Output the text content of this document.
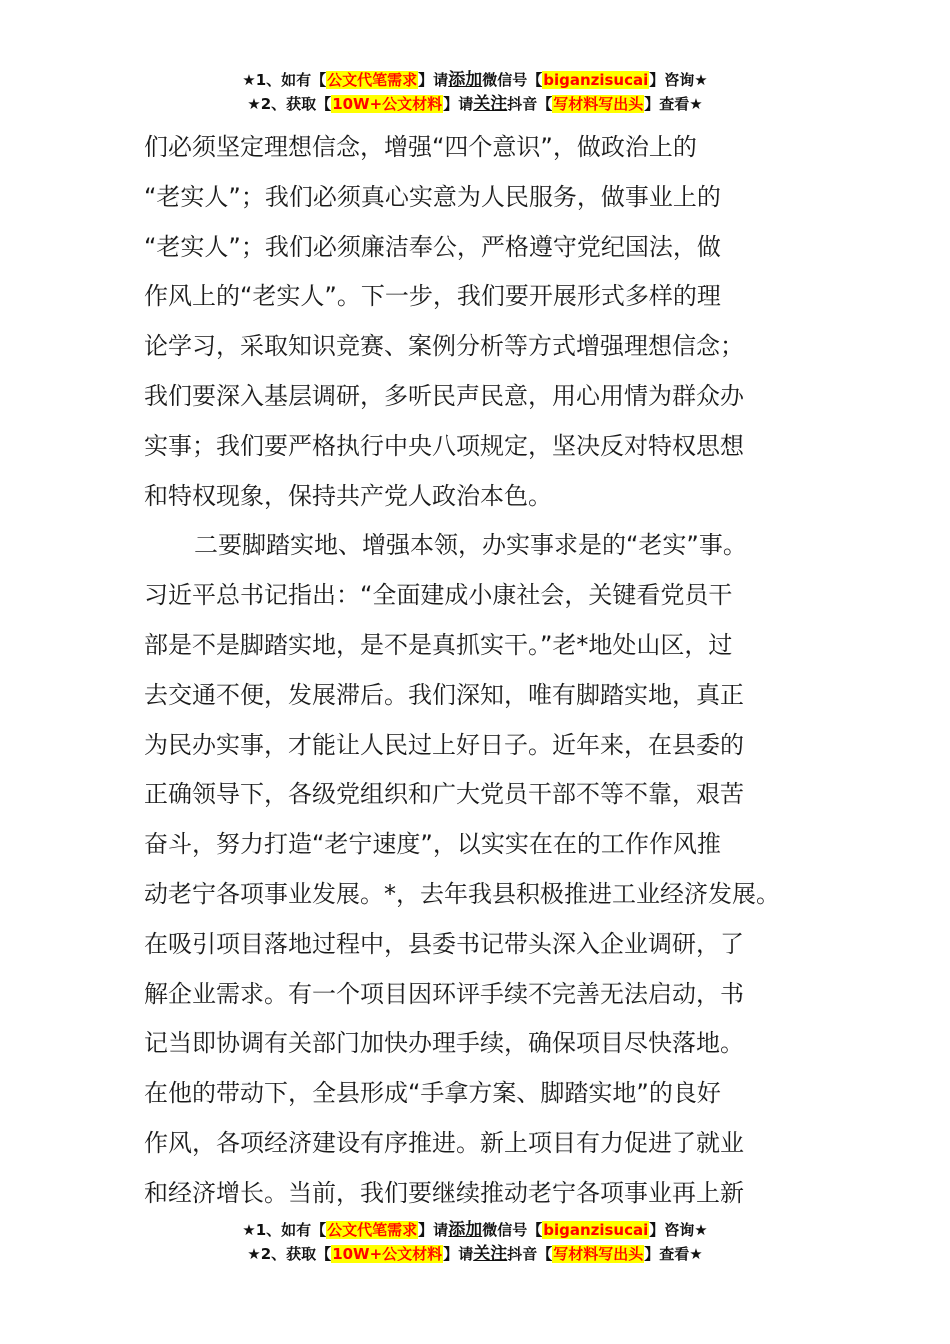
★1、如有【公文代笔需求】请添加微信号【biganzisucai】咨询★
★2、获取【10W+公文材料】请关注抖音【写材料写出头】查看★
们必须坚定理想信念，增强“四个意识”，做政治上的
“老实人”；我们必须真心实意为人民服务，做事业上的
“老实人”；我们必须廉洁奉公，严格遵守党纪国法，做
作风上的“老实人”。下一步，我们要开展形式多样的理
论学习，采取知识竞赛、案例分析等方式增强理想信念；
我们要深入基层调研，多听民声民意，用心用情为群众办
实事；我们要严格执行中央八项规定，坚决反对特权思想
和特权现象，保持共产党人政治本色。
二要脚踏实地、增强本领，办实事求是的“老实”事。
习近平总书记指出：“全面建成小康社会，关键看党员干
部是不是脚踏实地，是不是真抓实干。”老*地处山区，过
去交通不便，发展滞后。我们深知，唯有脚踏实地，真正
为民办实事，才能让人民过上好日子。近年来，在县委的
正确领导下，各级党组织和广大党员干部不等不靠，艰苦
奋斗，努力打造“老宁速度”，以实实在在的工作作风推
动老宁各项事业发展。*，去年我县积极推进工业经济发展。
在吸引项目落地过程中，县委书记带头深入企业调研，了
解企业需求。有一个项目因环评手续不完善无法启动，书
记当即协调有关部门加快办理手续，确保项目尽快落地。
在他的带动下，全县形成“手拿方案、脚踏实地”的良好
作风，各项经济建设有序推进。新上项目有力促进了就业
和经济增长。当前，我们要继续推动老宁各项事业再上新
★1、如有【公文代笔需求】请添加微信号【biganzisucai】咨询★
★2、获取【10W+公文材料】请关注抖音【写材料写出头】查看★
